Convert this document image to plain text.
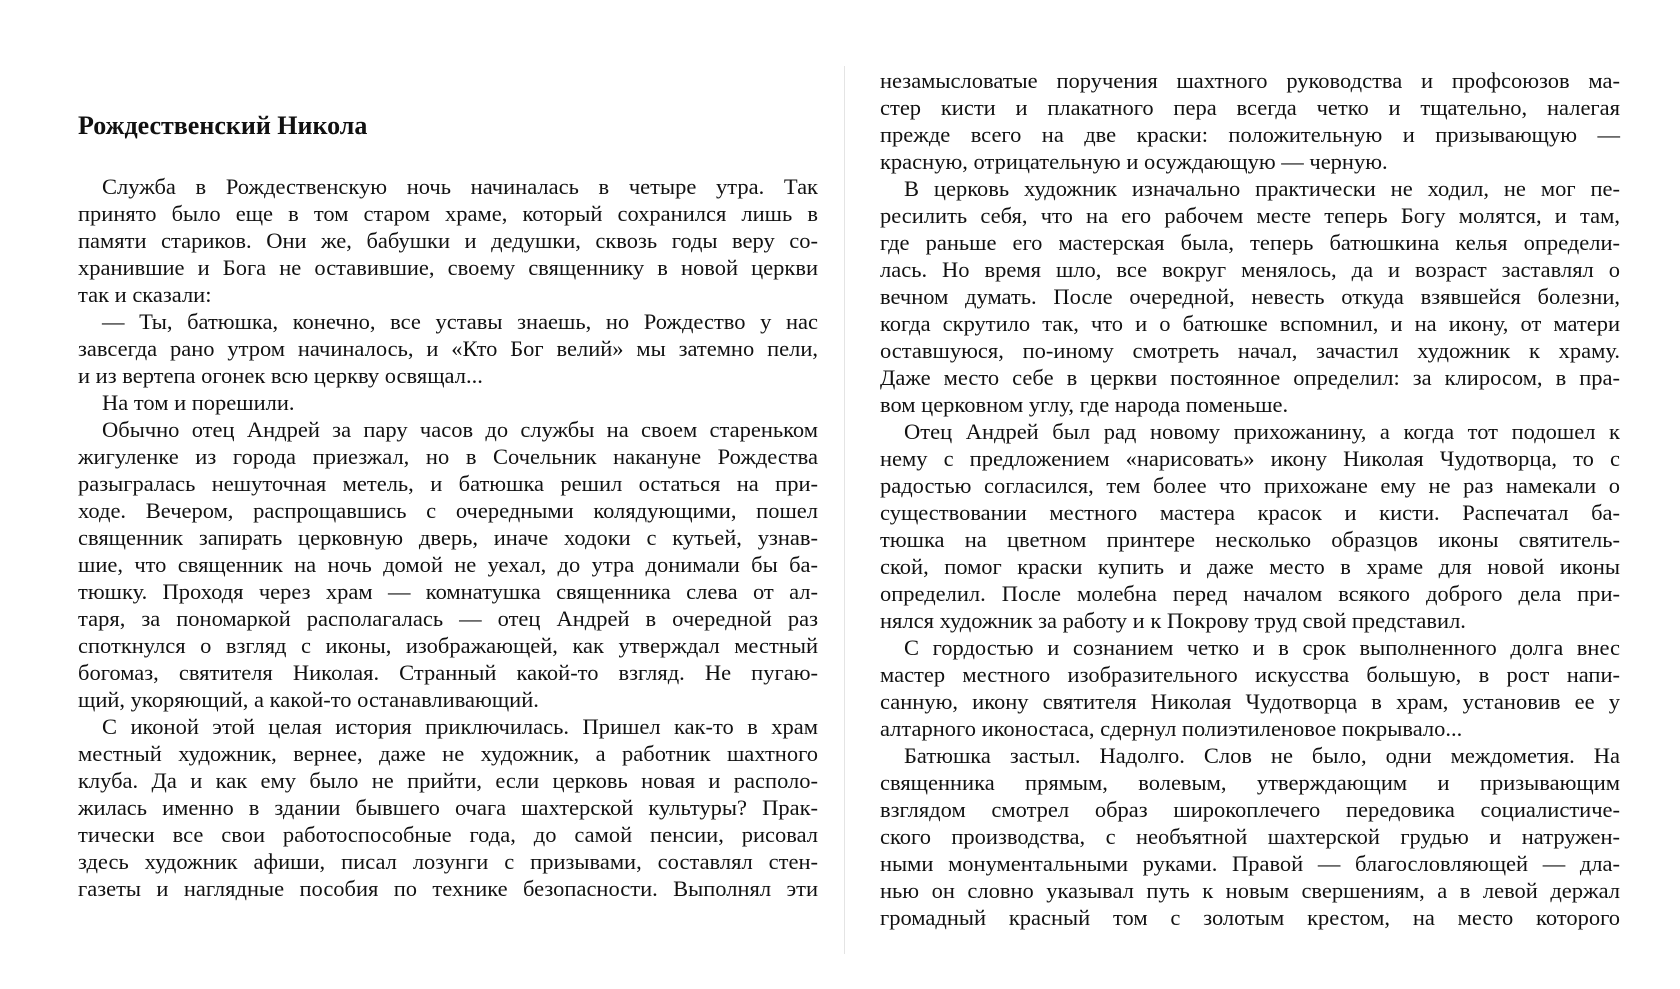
Рождественский Никола
Служба в Рождественскую ночь начиналась в четыре утра. Так
принято было еще в том старом храме, который сохранился лишь в
памяти стариков. Они же, бабушки и дедушки, сквозь годы веру со-
хранившие и Бога не оставившие, своему священнику в новой церкви
так и сказали:
— Ты, батюшка, конечно, все уставы знаешь, но Рождество у нас
завсегда рано утром начиналось, и «Кто Бог велий» мы затемно пели,
и из вертепа огонек всю церкву освящал...
На том и порешили.
Обычно отец Андрей за пару часов до службы на своем стареньком
жигуленке из города приезжал, но в Сочельник накануне Рождества
разыгралась нешуточная метель, и батюшка решил остаться на при-
ходе. Вечером, распрощавшись с очередными колядующими, пошел
священник запирать церковную дверь, иначе ходоки с кутьей, узнав-
шие, что священник на ночь домой не уехал, до утра донимали бы ба-
тюшку. Проходя через храм — комнатушка священника слева от ал-
таря, за пономаркой располагалась — отец Андрей в очередной раз
споткнулся о взгляд с иконы, изображающей, как утверждал местный
богомаз, святителя Николая. Странный какой-то взгляд. Не пугаю-
щий, укоряющий, а какой-то останавливающий.
С иконой этой целая история приключилась. Пришел как-то в храм
местный художник, вернее, даже не художник, а работник шахтного
клуба. Да и как ему было не прийти, если церковь новая и располо-
жилась именно в здании бывшего очага шахтерской культуры? Прак-
тически все свои работоспособные года, до самой пенсии, рисовал
здесь художник афиши, писал лозунги с призывами, составлял стен-
газеты и наглядные пособия по технике безопасности. Выполнял эти
незамысловатые поручения шахтного руководства и профсоюзов ма-
стер кисти и плакатного пера всегда четко и тщательно, налегая
прежде всего на две краски: положительную и призывающую —
красную, отрицательную и осуждающую — черную.
В церковь художник изначально практически не ходил, не мог пе-
ресилить себя, что на его рабочем месте теперь Богу молятся, и там,
где раньше его мастерская была, теперь батюшкина келья определи-
лась. Но время шло, все вокруг менялось, да и возраст заставлял о
вечном думать. После очередной, невесть откуда взявшейся болезни,
когда скрутило так, что и о батюшке вспомнил, и на икону, от матери
оставшуюся, по-иному смотреть начал, зачастил художник к храму.
Даже место себе в церкви постоянное определил: за клиросом, в пра-
вом церковном углу, где народа поменьше.
Отец Андрей был рад новому прихожанину, а когда тот подошел к
нему с предложением «нарисовать» икону Николая Чудотворца, то с
радостью согласился, тем более что прихожане ему не раз намекали о
существовании местного мастера красок и кисти. Распечатал ба-
тюшка на цветном принтере несколько образцов иконы святитель-
ской, помог краски купить и даже место в храме для новой иконы
определил. После молебна перед началом всякого доброго дела при-
нялся художник за работу и к Покрову труд свой представил.
С гордостью и сознанием четко и в срок выполненного долга внес
мастер местного изобразительного искусства большую, в рост напи-
санную, икону святителя Николая Чудотворца в храм, установив ее у
алтарного иконостаса, сдернул полиэтиленовое покрывало...
Батюшка застыл. Надолго. Слов не было, одни междометия. На
священника прямым, волевым, утверждающим и призывающим
взглядом смотрел образ широкоплечего передовика социалистиче-
ского производства, с необъятной шахтерской грудью и натружен-
ными монументальными руками. Правой — благословляющей — дла-
нью он словно указывал путь к новым свершениям, а в левой держал
громадный красный том с золотым крестом, на место которого
